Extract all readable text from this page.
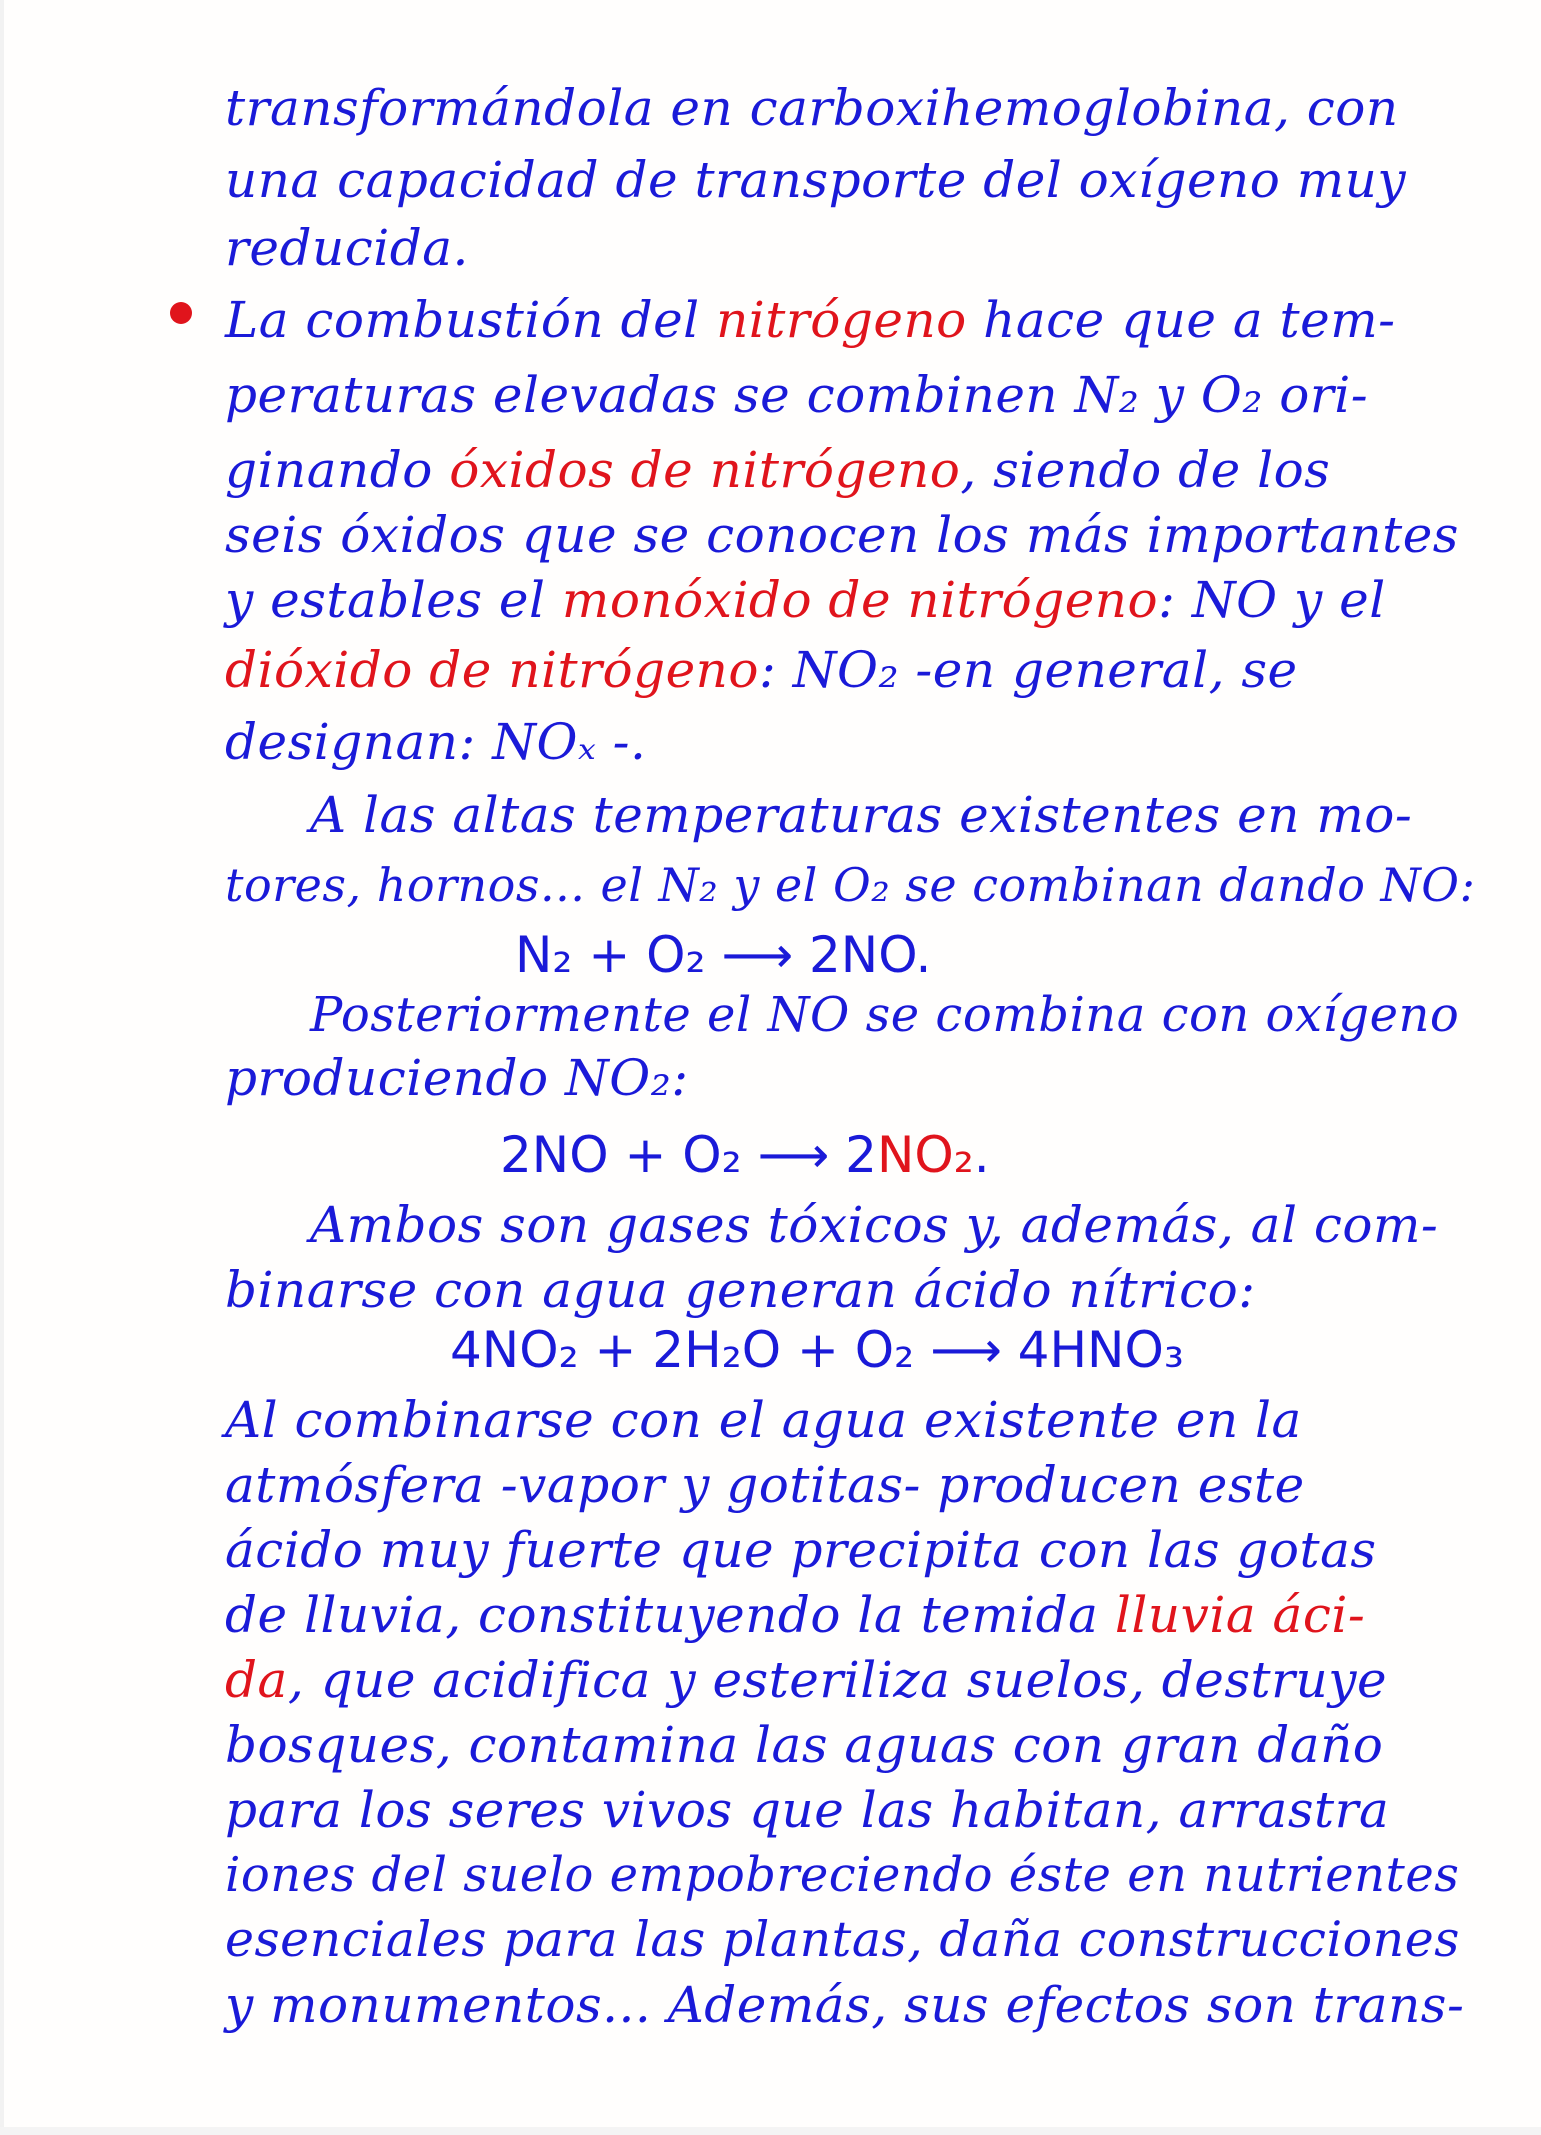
transformándola en carboxihemoglobina, con
una capacidad de transporte del oxígeno muy
reducida.
La combustión del nitrógeno hace que a tem-
peraturas elevadas se combinen N₂ y O₂ ori-
ginando óxidos de nitrógeno, siendo de los
seis óxidos que se conocen los más importantes
y estables el monóxido de nitrógeno: NO y el
dióxido de nitrógeno: NO₂ -en general, se
designan: NOₓ -.
A las altas temperaturas existentes en mo-
tores, hornos... el N₂ y el O₂ se combinan dando NO:
N₂ + O₂ ⟶ 2NO.
Posteriormente el NO se combina con oxígeno
produciendo NO₂:
2NO + O₂ ⟶ 2NO₂.
Ambos son gases tóxicos y, además, al com-
binarse con agua generan ácido nítrico:
4NO₂ + 2H₂O + O₂ ⟶ 4HNO₃
Al combinarse con el agua existente en la
atmósfera -vapor y gotitas- producen este
ácido muy fuerte que precipita con las gotas
de lluvia, constituyendo la temida lluvia áci-
da, que acidifica y esteriliza suelos, destruye
bosques, contamina las aguas con gran daño
para los seres vivos que las habitan, arrastra
iones del suelo empobreciendo éste en nutrientes
esenciales para las plantas, daña construcciones
y monumentos... Además, sus efectos son trans-
